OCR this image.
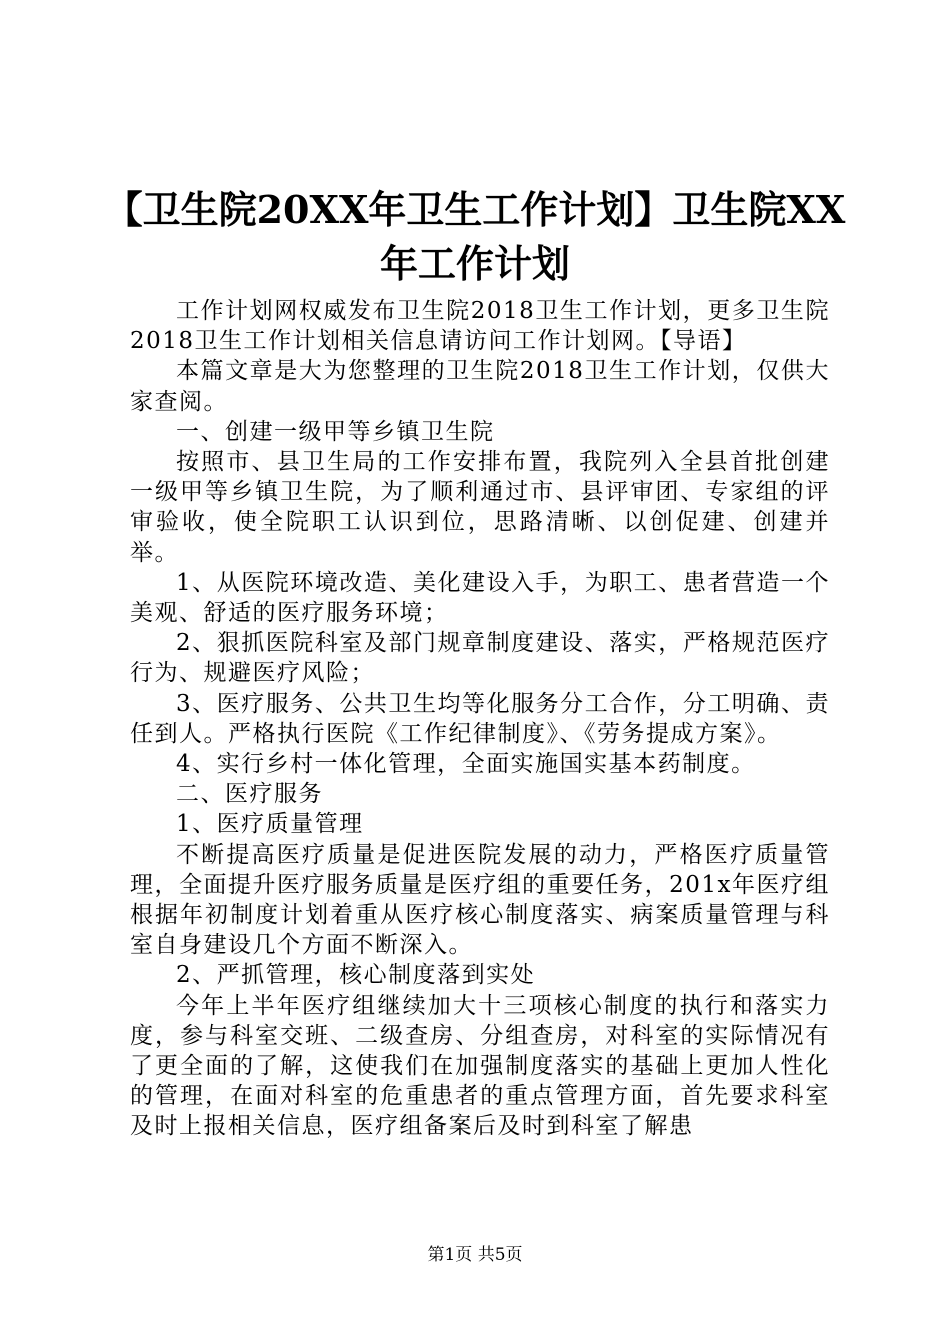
【卫生院20XX年卫生工作计划】卫生院XX年工作计划

工作计划网权威发布卫生院2018卫生工作计划，更多卫生院2018卫生工作计划相关信息请访问工作计划网。【导语】

本篇文章是大为您整理的卫生院2018卫生工作计划，仅供大家查阅。

一、创建一级甲等乡镇卫生院

按照市、县卫生局的工作安排布置，我院列入全县首批创建一级甲等乡镇卫生院，为了顺利通过市、县评审团、专家组的评审验收，使全院职工认识到位，思路清晰、以创促建、创建并举。

1、从医院环境改造、美化建设入手，为职工、患者营造一个美观、舒适的医疗服务环境；

2、狠抓医院科室及部门规章制度建设、落实，严格规范医疗行为、规避医疗风险；

3、医疗服务、公共卫生均等化服务分工合作，分工明确、责任到人。严格执行医院《工作纪律制度》、《劳务提成方案》。

4、实行乡村一体化管理，全面实施国实基本药制度。

二、医疗服务

1、医疗质量管理

不断提高医疗质量是促进医院发展的动力，严格医疗质量管理，全面提升医疗服务质量是医疗组的重要任务，201x年医疗组根据年初制度计划着重从医疗核心制度落实、病案质量管理与科室自身建设几个方面不断深入。

2、严抓管理，核心制度落到实处

今年上半年医疗组继续加大十三项核心制度的执行和落实力度，参与科室交班、二级查房、分组查房，对科室的实际情况有了更全面的了解，这使我们在加强制度落实的基础上更加人性化的管理，在面对科室的危重患者的重点管理方面，首先要求科室及时上报相关信息，医疗组备案后及时到科室了解患

第1页 共5页
